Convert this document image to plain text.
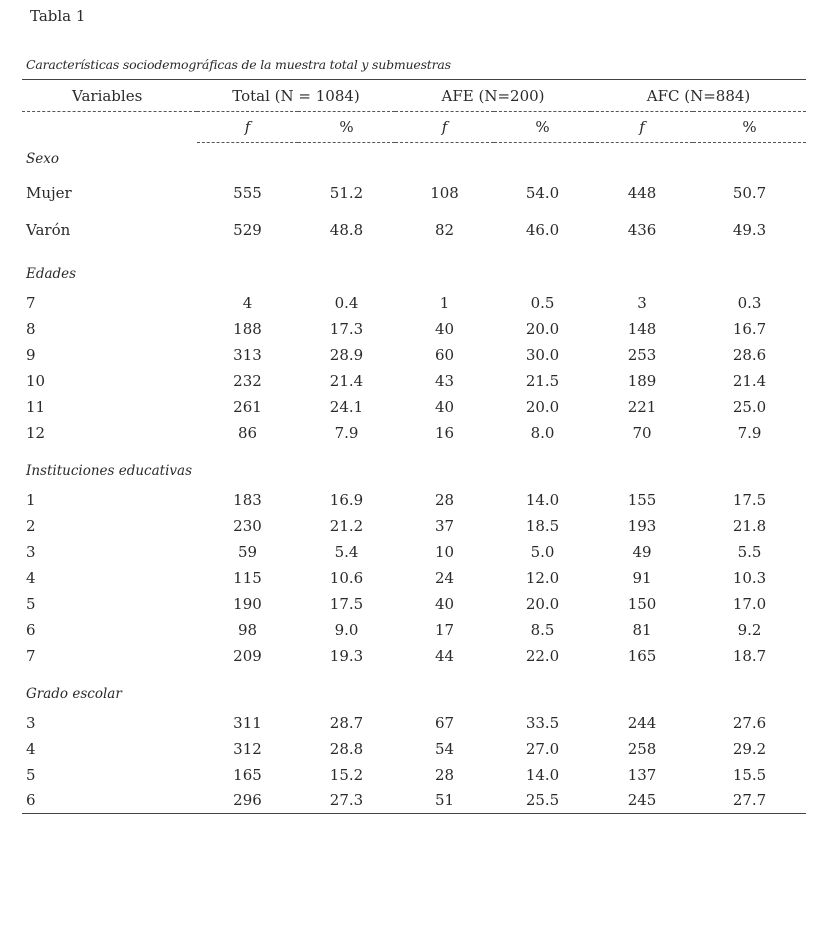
Tabla 1
Características sociodemográficas de la muestra total y submuestras
Variables	Total (N = 1084)		AFE (N=200)		AFC (N=884)	
	f	%	f	%	f	%
Sexo						
Mujer	555	51.2	108	54.0	448	50.7
Varón	529	48.8	82	46.0	436	49.3

Edades						
7	4	0.4	1	0.5	3	0.3
8	188	17.3	40	20.0	148	16.7
9	313	28.9	60	30.0	253	28.6
10	232	21.4	43	21.5	189	21.4
11	261	24.1	40	20.0	221	25.0
12	86	7.9	16	8.0	70	7.9

Instituciones educativas						
1	183	16.9	28	14.0	155	17.5
2	230	21.2	37	18.5	193	21.8
3	59	5.4	10	5.0	49	5.5
4	115	10.6	24	12.0	91	10.3
5	190	17.5	40	20.0	150	17.0
6	98	9.0	17	8.5	81	9.2
7	209	19.3	44	22.0	165	18.7

Grado escolar						
3	311	28.7	67	33.5	244	27.6
4	312	28.8	54	27.0	258	29.2
5	165	15.2	28	14.0	137	15.5
6	296	27.3	51	25.5	245	27.7
